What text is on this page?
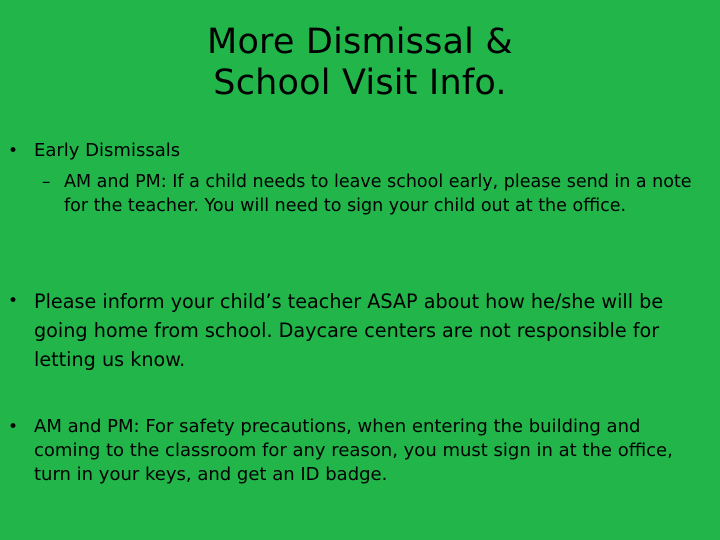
More Dismissal &
School Visit Info.
• Early Dismissals
– AM and PM: If a child needs to leave school early, please send in a note for the teacher. You will need to sign your child out at the office.
• Please inform your child’s teacher ASAP about how he/she will be going home from school. Daycare centers are not responsible for letting us know.
• AM and PM: For safety precautions, when entering the building and coming to the classroom for any reason, you must sign in at the office, turn in your keys, and get an ID badge.
